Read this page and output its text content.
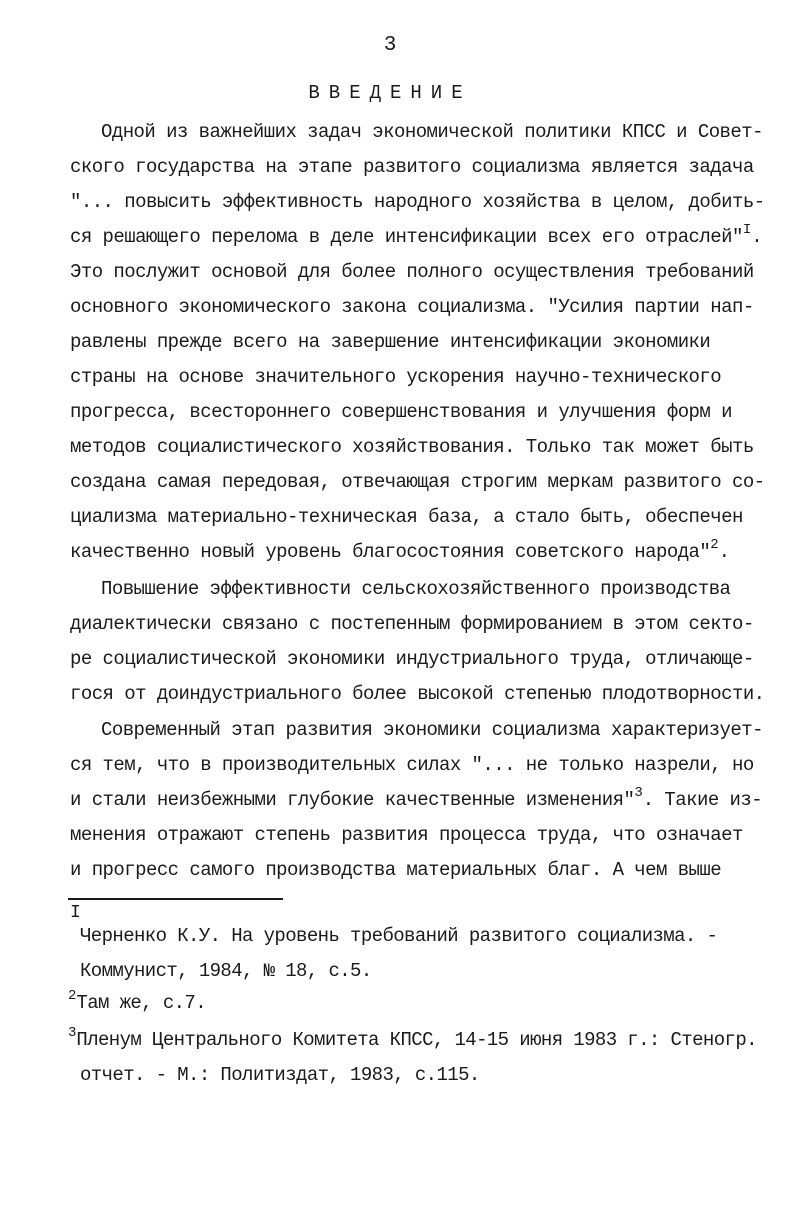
3
ВВЕДЕНИЕ
Одной из важнейших задач экономической политики КПСС и Совет-
ского государства на этапе развитого социализма является задача
"... повысить эффективность народного хозяйства в целом, добить-
ся решающего перелома в деле интенсификации всех его отраслей"$^I$.
Это послужит основой для более полного осуществления требований
основного экономического закона социализма. "Усилия партии нап-
равлены прежде всего на завершение интенсификации экономики
страны на основе значительного ускорения научно-технического
прогресса, всестороннего совершенствования и улучшения форм и
методов социалистического хозяйствования. Только так может быть
создана самая передовая, отвечающая строгим меркам развитого со-
циализма материально-техническая база, а стало быть, обеспечен
качественно новый уровень благосостояния советского народа"$^2$.
Повышение эффективности сельскохозяйственного производства
диалектически связано с постепенным формированием в этом секто-
ре социалистической экономики индустриального труда, отличающе-
гося от доиндустриального более высокой степенью плодотворности.
Современный этап развития экономики социализма характеризует-
ся тем, что в производительных силах "... не только назрели, но
и стали неизбежными глубокие качественные изменения"$^3$. Такие из-
менения отражают степень развития процесса труда, что означает
и прогресс самого производства материальных благ. А чем выше
I
Черненко К.У. На уровень требований развитого социализма. -
Коммунист, 1984, № 18, с.5.
$^2$Там же, с.7.
$^3$Пленум Центрального Комитета КПСС, 14-15 июня 1983 г.: Стеногр.
отчет. - М.: Политиздат, 1983, с.115.
